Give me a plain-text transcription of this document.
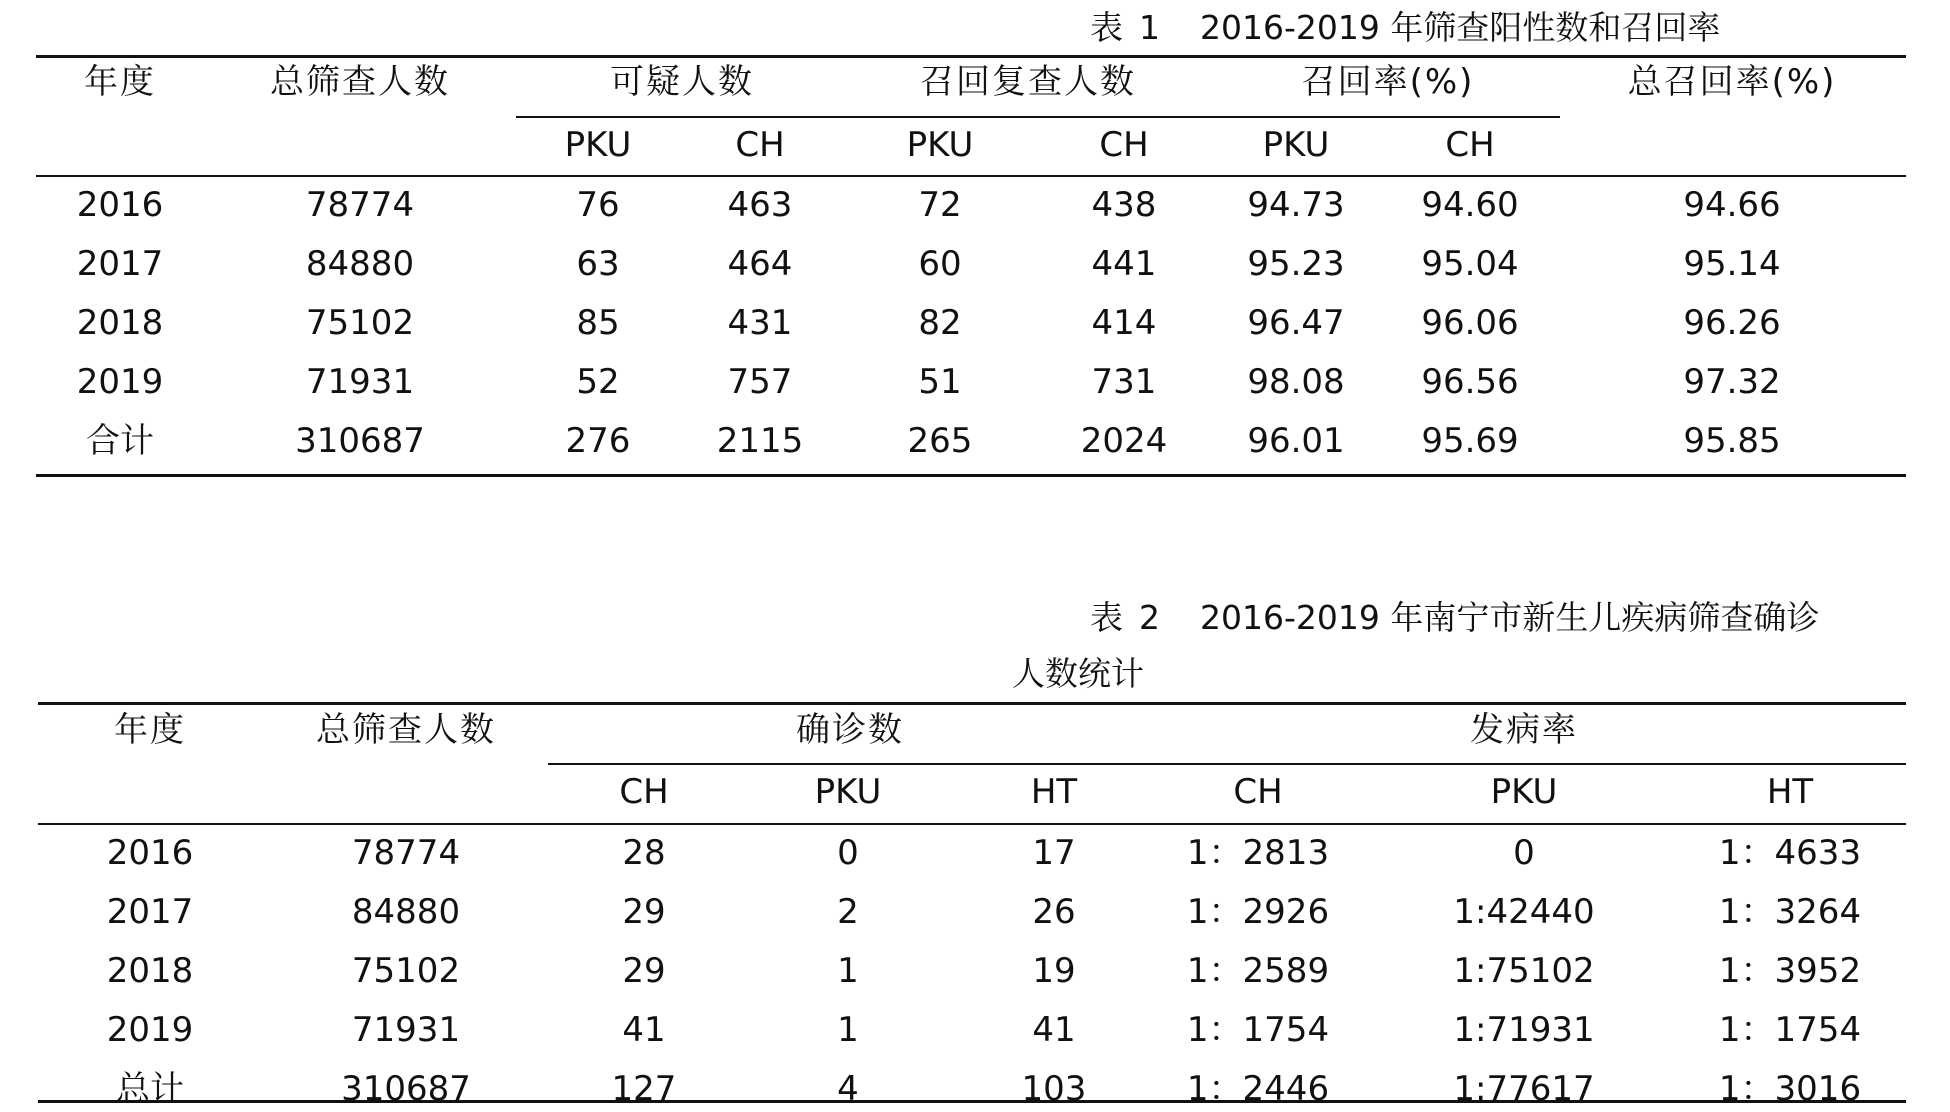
表 1 2016-2019 年筛查阳性数和召回率
年度	总筛查人数	可疑人数	召回复查人数	召回率(%)	总召回率(%)
PKU	CH	PKU	CH	PKU	CH
2016	78774	76	463	72	438	94.73 94.60	94.66
2017	84880	63	464	60	441	95.23 95.04	95.14
2018	75102	85	431	82	414	96.47 96.06	96.26
2019	71931	52	757	51	731	98.08 96.56	97.32
合计	310687	276	2115	265	2024 96.01 95.69	95.85
表 2 2016-2019 年南宁市新生儿疾病筛查确诊
人数统计
年度	总筛查人数	确诊数	发病率
CH	PKU	HT	CH	PKU	HT
2016	78774	28	0	17	1：2813	0	1：4633
2017	84880	29	2	26	1：2926	1:42440	1：3264
2018	75102	29	1	19	1：2589	1:75102	1：3952
2019	71931	41	1	41	1：1754	1:71931	1：1754
总计	310687	127	4	103	1：2446	1:77617	1：3016
